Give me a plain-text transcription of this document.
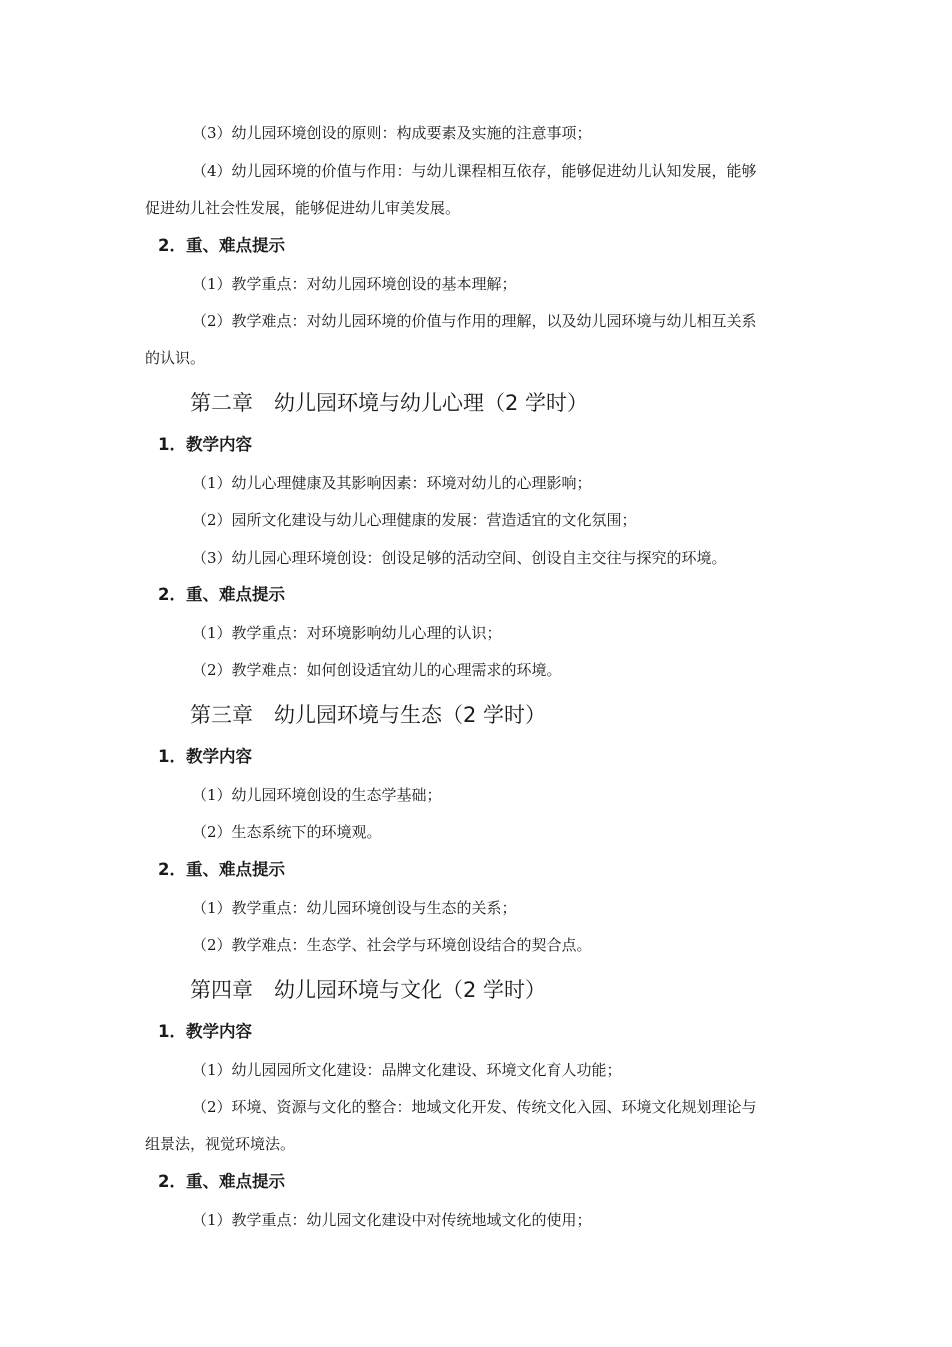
（3）幼儿园环境创设的原则：构成要素及实施的注意事项；
（4）幼儿园环境的价值与作用：与幼儿课程相互依存，能够促进幼儿认知发展，能够
促进幼儿社会性发展，能够促进幼儿审美发展。
2．重、难点提示
（1）教学重点：对幼儿园环境创设的基本理解；
（2）教学难点：对幼儿园环境的价值与作用的理解，以及幼儿园环境与幼儿相互关系
的认识。
第二章　幼儿园环境与幼儿心理（2 学时）
1．教学内容
（1）幼儿心理健康及其影响因素：环境对幼儿的心理影响；
（2）园所文化建设与幼儿心理健康的发展：营造适宜的文化氛围；
（3）幼儿园心理环境创设：创设足够的活动空间、创设自主交往与探究的环境。
2．重、难点提示
（1）教学重点：对环境影响幼儿心理的认识；
（2）教学难点：如何创设适宜幼儿的心理需求的环境。
第三章　幼儿园环境与生态（2 学时）
1．教学内容
（1）幼儿园环境创设的生态学基础；
（2）生态系统下的环境观。
2．重、难点提示
（1）教学重点：幼儿园环境创设与生态的关系；
（2）教学难点：生态学、社会学与环境创设结合的契合点。
第四章　幼儿园环境与文化（2 学时）
1．教学内容
（1）幼儿园园所文化建设：品牌文化建设、环境文化育人功能；
（2）环境、资源与文化的整合：地域文化开发、传统文化入园、环境文化规划理论与
组景法，视觉环境法。
2．重、难点提示
（1）教学重点：幼儿园文化建设中对传统地域文化的使用；
